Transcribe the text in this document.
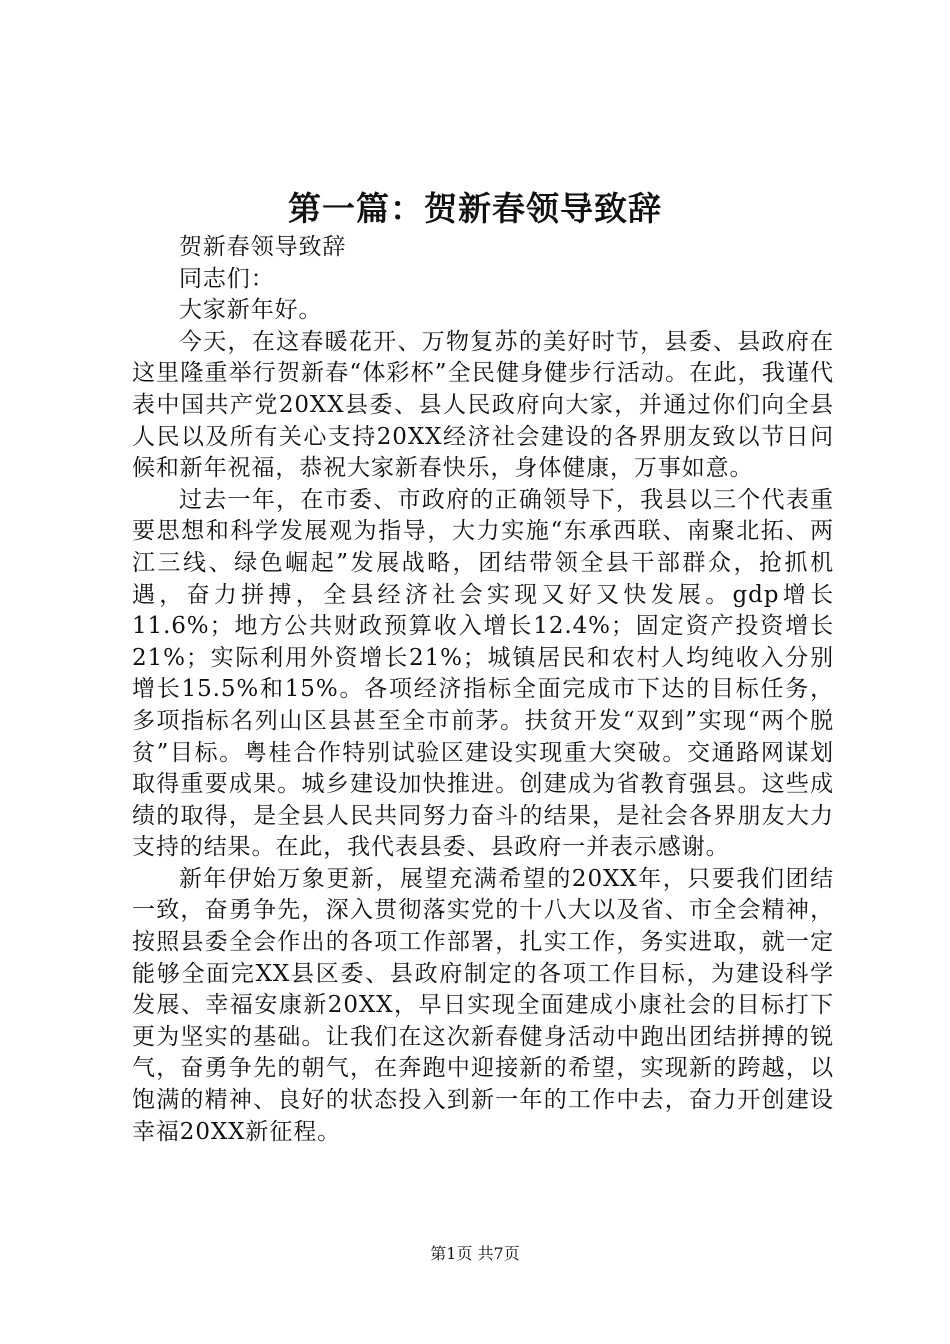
第一篇：贺新春领导致辞

贺新春领导致辞

同志们：

大家新年好。

今天，在这春暖花开、万物复苏的美好时节，县委、县政府在这里隆重举行贺新春“体彩杯”全民健身健步行活动。在此，我谨代表中国共产党20XX县委、县人民政府向大家，并通过你们向全县人民以及所有关心支持20XX经济社会建设的各界朋友致以节日问候和新年祝福，恭祝大家新春快乐，身体健康，万事如意。

过去一年，在市委、市政府的正确领导下，我县以三个代表重要思想和科学发展观为指导，大力实施“东承西联、南聚北拓、两江三线、绿色崛起”发展战略，团结带领全县干部群众，抢抓机遇，奋力拼搏，全县经济社会实现又好又快发展。gdp增长11.6%；地方公共财政预算收入增长12.4%；固定资产投资增长21%；实际利用外资增长21%；城镇居民和农村人均纯收入分别增长15.5%和15%。各项经济指标全面完成市下达的目标任务，多项指标名列山区县甚至全市前茅。扶贫开发“双到”实现“两个脱贫”目标。粤桂合作特别试验区建设实现重大突破。交通路网谋划取得重要成果。城乡建设加快推进。创建成为省教育强县。这些成绩的取得，是全县人民共同努力奋斗的结果，是社会各界朋友大力支持的结果。在此，我代表县委、县政府一并表示感谢。

新年伊始万象更新，展望充满希望的20XX年，只要我们团结一致，奋勇争先，深入贯彻落实党的十八大以及省、市全会精神，按照县委全会作出的各项工作部署，扎实工作，务实进取，就一定能够全面完XX县区委、县政府制定的各项工作目标，为建设科学发展、幸福安康新20XX，早日实现全面建成小康社会的目标打下更为坚实的基础。让我们在这次新春健身活动中跑出团结拼搏的锐气，奋勇争先的朝气，在奔跑中迎接新的希望，实现新的跨越，以饱满的精神、良好的状态投入到新一年的工作中去，奋力开创建设幸福20XX新征程。

第1页 共7页
